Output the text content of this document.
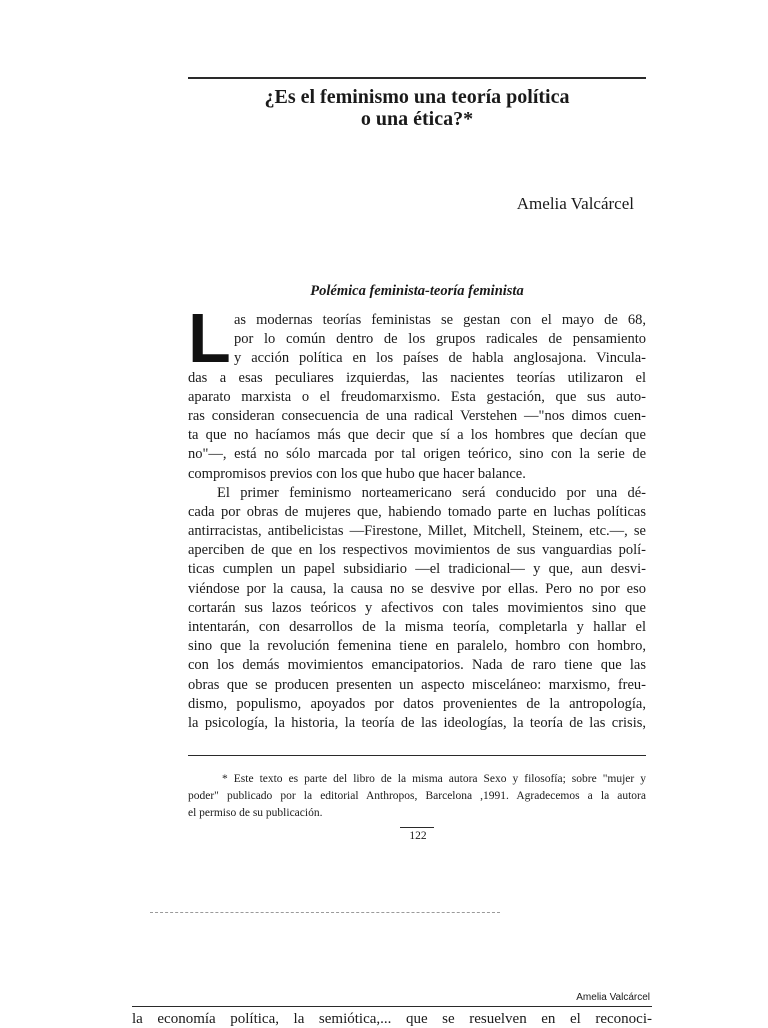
¿Es el feminismo una teoría política
o una ética?*
Amelia Valcárcel
Polémica feminista-teoría feminista
L as modernas teorías feministas se gestan con el mayo de 68,
por lo común dentro de los grupos radicales de pensamiento
y acción política en los países de habla anglosajona. Vincula-
das a esas peculiares izquierdas, las nacientes teorías utilizaron el
aparato marxista o el freudomarxismo. Esta gestación, que sus auto-
ras consideran consecuencia de una radical Verstehen —"nos dimos cuen-
ta que no hacíamos más que decir que sí a los hombres que decían que
no"—, está no sólo marcada por tal origen teórico, sino con la serie de
compromisos previos con los que hubo que hacer balance.
El primer feminismo norteamericano será conducido por una dé-
cada por obras de mujeres que, habiendo tomado parte en luchas políticas
antirracistas, antibelicistas —Firestone, Millet, Mitchell, Steinem, etc.—, se
aperciben de que en los respectivos movimientos de sus vanguardias polí-
ticas cumplen un papel subsidiario —el tradicional— y que, aun desvi-
viéndose por la causa, la causa no se desvive por ellas. Pero no por eso
cortarán sus lazos teóricos y afectivos con tales movimientos sino que
intentarán, con desarrollos de la misma teoría, completarla y hallar el
sino que la revolución femenina tiene en paralelo, hombro con hombro,
con los demás movimientos emancipatorios. Nada de raro tiene que las
obras que se producen presenten un aspecto misceláneo: marxismo, freu-
dismo, populismo, apoyados por datos provenientes de la antropología,
la psicología, la historia, la teoría de las ideologías, la teoría de las crisis,
* Este texto es parte del libro de la misma autora Sexo y filosofía; sobre "mujer y
poder" publicado por la editorial Anthropos, Barcelona ,1991. Agradecemos a la autora
el permiso de su publicación.
122
Amelia Valcárcel
la economía política, la semiótica,... que se resuelven en el reconoci-
